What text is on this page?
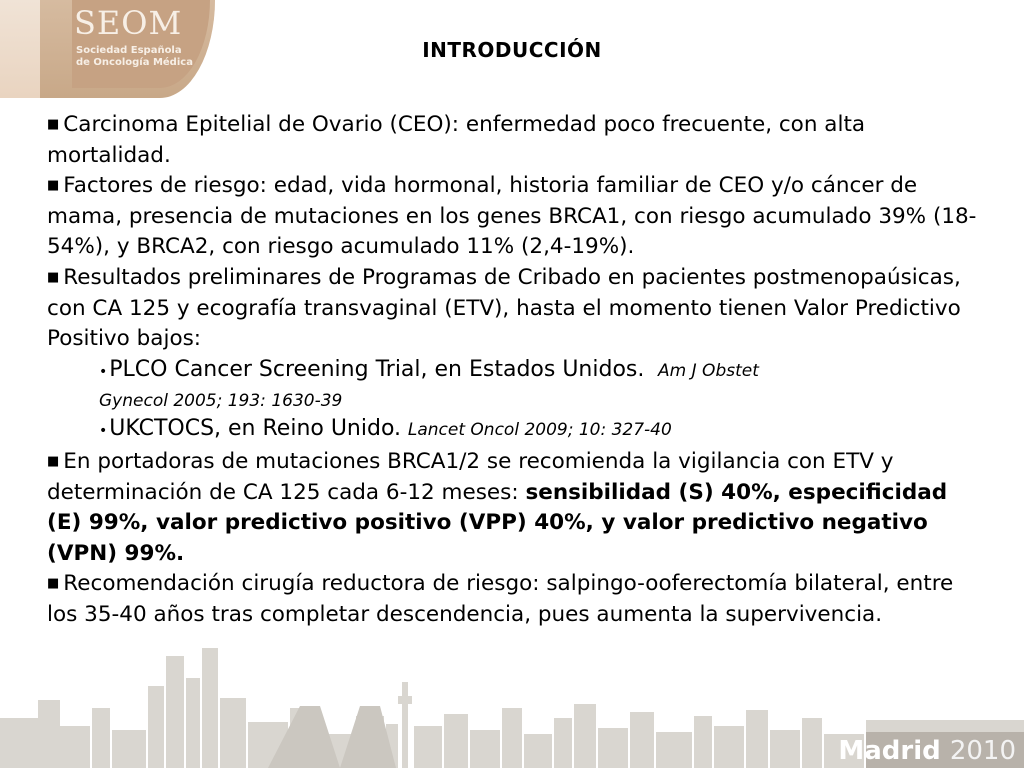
SEOM
Sociedad Española
de Oncología Médica
INTRODUCCIÓN

■ Carcinoma Epitelial de Ovario (CEO): enfermedad poco frecuente, con alta mortalidad.

■ Factores de riesgo: edad, vida hormonal, historia familiar de CEO y/o cáncer de mama, presencia de mutaciones en los genes BRCA1, con riesgo acumulado 39% (18-54%), y BRCA2, con riesgo acumulado 11% (2,4-19%).

■ Resultados preliminares de Programas de Cribado en pacientes postmenopaúsicas, con CA 125 y ecografía transvaginal (ETV), hasta el momento tienen Valor Predictivo Positivo bajos:

•PLCO Cancer Screening Trial, en Estados Unidos. Am J Obstet

Gynecol 2005; 193: 1630-39

•UKCTOCS, en Reino Unido. Lancet Oncol 2009; 10: 327-40

■ En portadoras de mutaciones BRCA1/2 se recomienda la vigilancia con ETV y determinación de CA 125 cada 6-12 meses: sensibilidad (S) 40%, especificidad (E) 99%, valor predictivo positivo (VPP) 40%, y valor predictivo negativo (VPN) 99%.

■ Recomendación cirugía reductora de riesgo: salpingo-ooferectomía bilateral, entre los 35-40 años tras completar descendencia, pues aumenta la supervivencia.

Madrid 2010
